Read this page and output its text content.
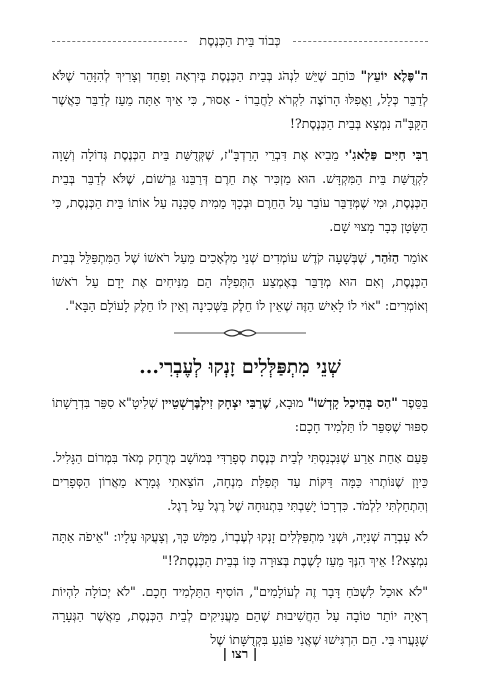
כְּבוֹד בֵּית הַכְּנֶסֶת

ה"פֶּלֶא יוֹעֵץ" כּוֹתֵב שֶׁיֵּשׁ לִנְהֹג בְּבֵית הַכְּנֶסֶת בְּיִרְאָה וָפַחַד וְצָרִיךְ לְהִזָּהֵר שֶׁלֹּא לְדַבֵּר כְּלָל, וַאֲפִלּוּ הָרוֹצֶה לִקְרֹא לַחֲבֵרוֹ - אָסוּר, כִּי אֵיךְ אַתָּה מֵעֵז לְדַבֵּר כַּאֲשֶׁר הַקָּבָּ"ה נִמְצָא בְּבֵית הַכְּנֶסֶת?!

רַבִּי חַיִּים פַּלַאגִ'י מֵבִיא אֶת דִּבְרֵי הָרַדְבָּ"ז, שֶׁקְּדֻשַּׁת בֵּית הַכְּנֶסֶת גְּדוֹלָה וְשָׁוָה לִקְדֻשַּׁת בֵּית הַמִּקְדָּשׁ. הוּא מַזְכִּיר אֶת חֵרֶם דְּרַבֵּנוּ גֵּרְשׁוֹם, שֶׁלֹּא לְדַבֵּר בְּבֵית הַכְּנֶסֶת, וּמִי שֶׁמְּדַבֵּר עוֹבֵר עַל הַחֵרֶם וּבְכָךְ מֵמִית סַכָּנָה עַל אוֹתוֹ בֵּית הַכְּנֶסֶת, כִּי הַשָּׂטָן כְּבָר מָצוּי שָׁם.

אוֹמֵר הַזֹּהַר, שֶׁבְּשָׁעָה קֹדֶשׁ עוֹמְדִים שְׁנֵי מַלְאָכִים מֵעַל רֹאשׁוֹ שֶׁל הַמִּתְפַּלֵּל בְּבֵית הַכְּנֶסֶת, וְאִם הוּא מְדַבֵּר בְּאֶמְצַע הַתְּפִלָּה הֵם מַנִּיחִים אֶת יָדָם עַל רֹאשׁוֹ וְאוֹמְרִים: "אוֹי לוֹ לָאִישׁ הַזֶּה שֶׁאֵין לוֹ חֵלֶק בַּשְּׁכִינָה וְאֵין לוֹ חֵלֶק לָעוֹלָם הַבָּא".

שְׁנֵי מִתְפַּלְּלִים זָנְקוּ לְעֶבְרִי...

בַּסֵּפֶר "הַס בְּהֵיכַל קָדְשׁוֹ" מוּבָא, שֶׁרַבִּי יִצְחָק זִילְבֶּרְשְׁטֵיין שְׁלִיטָ"א סִפֵּר בִּדְרָשָׁתוֹ סִפּוּר שֶׁסִּפֵּר לוֹ תַּלְמִיד חָכָם:

פַּעַם אַחַת אֵרַע שֶׁנִּכְנַסְתִּי לְבֵית כְּנֶסֶת סְפָרַדִּי בְּמוֹשָׁב מְרֻחָק מְאֹד בִּמְרוֹם הַגָּלִיל. כֵּיוָן שֶׁנּוֹתְרוּ כַּמָּה דַּקּוֹת עַד תְּפִלַּת מִנְחָה, הוֹצֵאתִי גְּמָרָא מֵאֲרוֹן הַסְּפָרִים וְהִתְחַלְתִּי לִלְמֹד. כִּדְרָכוֹ יָשַׁבְתִּי בִּתְנוּחָה שֶׁל רֶגֶל עַל רֶגֶל.

לֹא עָבְרָה שְׁנִיָּה, וּשְׁנֵי מִתְפַּלְּלִים זָנְקוּ לְעֶבְרוֹ, מַמָּשׁ כָּךְ, וְצָעֲקוּ עָלָיו: "אֵיפֹה אַתָּה נִמְצָא?! אֵיךְ הִנְּךָ מֵעֵז לָשֶׁבֶת בְּצוּרָה כָּזוֹ בְּבֵית הַכְּנֶסֶת?!"

"לֹא אוּכַל לִשְׁכֹּחַ דָּבָר זֶה לְעוֹלָמִים", הוֹסִיף הַתַּלְמִיד חָכָם. "לֹא יְכוֹלָה לִהְיוֹת רְאָיָה יוֹתֵר טוֹבָה עַל הַחֲשִׁיבוּת שֶׁהֵם מַעֲנִיקִים לְבֵית הַכְּנֶסֶת, מֵאֲשֶׁר הַגְּעָרָה שֶׁגָּעֲרוּ בִּי. הֵם הִרְגִּישׁוּ שֶׁאֲנִי פּוֹגֵעַ בִּקְדֻשָּׁתוֹ שֶׁל

| רצו |
